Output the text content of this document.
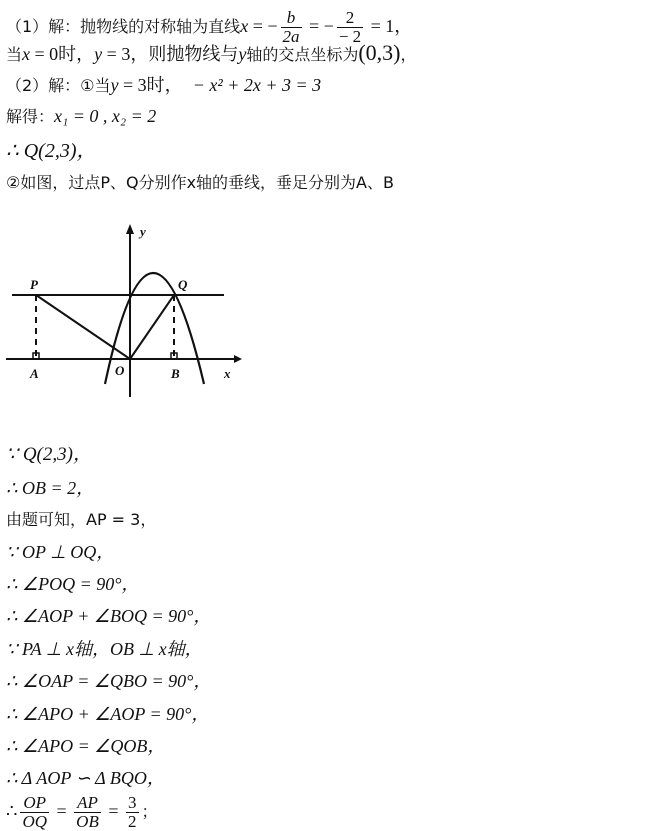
（1）解：抛物线的对称轴为直线x = − $\frac{b}{2a}$ = − $\frac{2}{- 2} = 1$，
当x = 0时，y = 3，则抛物线与y轴的交点坐标为(0,3)，
（2）解：①当y = 3时， − x² + 2x + 3 = 3
解得：x₁ = 0 , x₂ = 2
∴ Q(2,3)，
②如图，过点P、Q分别作x轴的垂线，垂足分别为A、B
y
x
P	Q
A	O	B
∵ Q(2,3)，
∴ OB = 2，
由题可知，AP = 3，
∵ OP ⊥ OQ，
∴ ∠POQ = 90°，
∴ ∠AOP + ∠BOQ = 90°，
∵ PA ⊥ x轴，OB ⊥ x轴，
∴ ∠OAP = ∠QBO = 90°，
∴ ∠APO + ∠AOP = 90°，
∴ ∠APO = ∠QOB，
∴ Δ AOP ∽ Δ BQO，
∴ $\frac{OP}{OQ} = \frac{AP}{OB} = \frac{3}{2}$ ；
